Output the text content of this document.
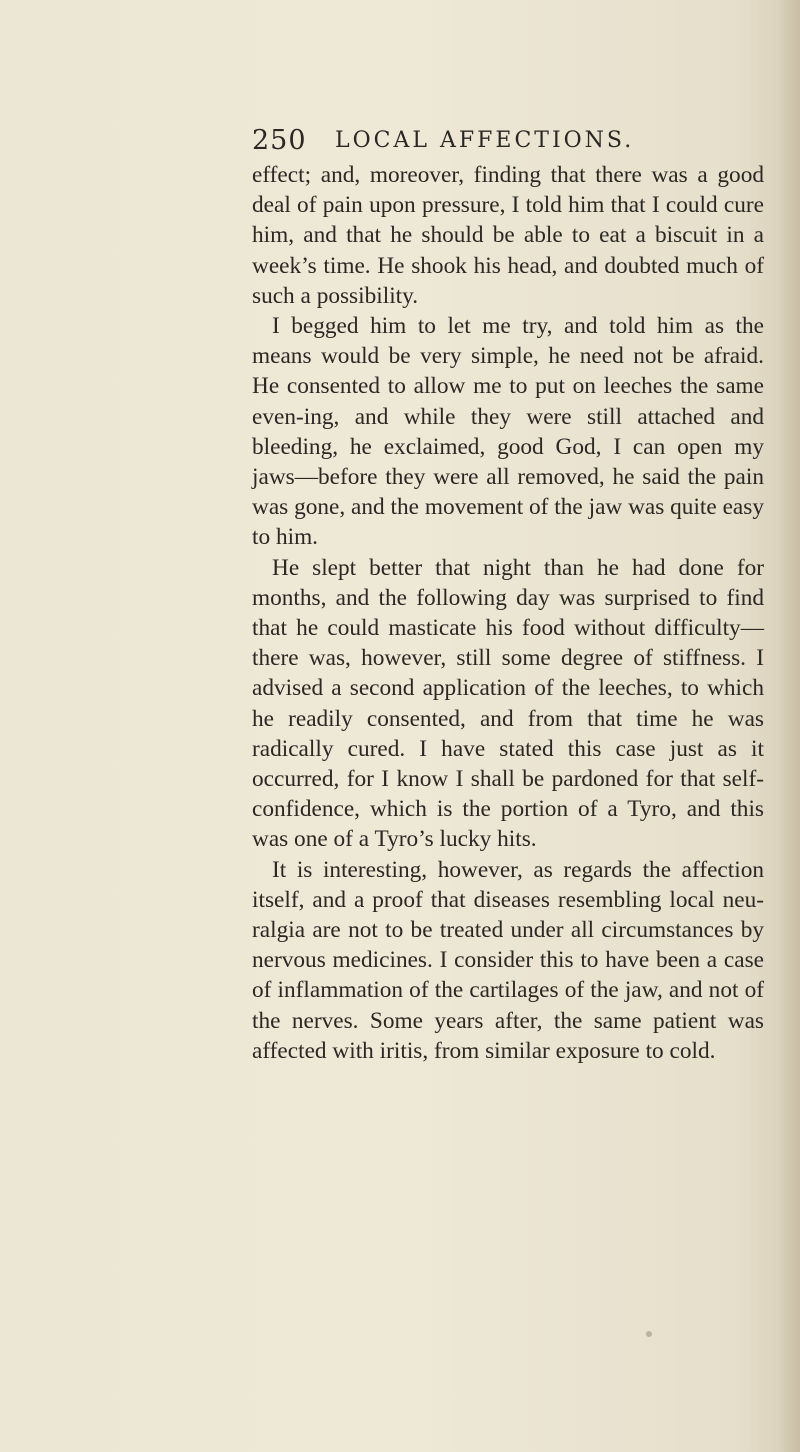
250 LOCAL AFFECTIONS.

effect; and, moreover, finding that there was a good deal of pain upon pressure, I told him that I could cure him, and that he should be able to eat a biscuit in a week’s time. He shook his head, and doubted much of such a possibility.

I begged him to let me try, and told him as the means would be very simple, he need not be afraid. He consented to allow me to put on leeches the same even-ing, and while they were still attached and bleeding, he exclaimed, good God, I can open my jaws—before they were all removed, he said the pain was gone, and the movement of the jaw was quite easy to him.

He slept better that night than he had done for months, and the following day was surprised to find that he could masticate his food without difficulty—there was, however, still some degree of stiffness. I advised a second application of the leeches, to which he readily consented, and from that time he was radically cured. I have stated this case just as it occurred, for I know I shall be pardoned for that self-confidence, which is the portion of a Tyro, and this was one of a Tyro’s lucky hits.

It is interesting, however, as regards the affection itself, and a proof that diseases resembling local neu-ralgia are not to be treated under all circumstances by nervous medicines. I consider this to have been a case of inflammation of the cartilages of the jaw, and not of the nerves. Some years after, the same patient was affected with iritis, from similar exposure to cold.
